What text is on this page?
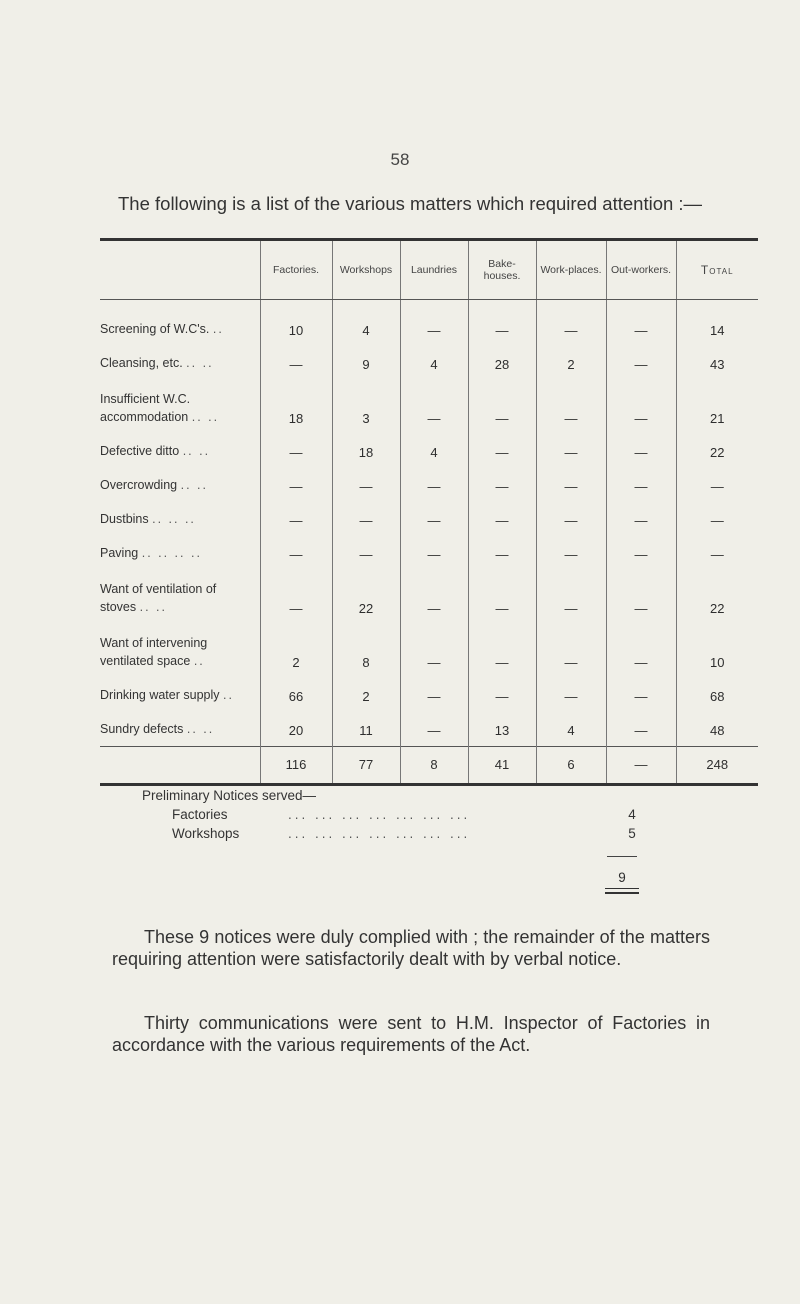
58
The following is a list of the various matters which required attention :—
	Factories.	Workshops	Laundries	Bake-houses.	Work-places.	Out-workers.	Total
Screening of W.C's. ..	10	4	—	—	—	—	14
Cleansing, etc. .. ..	—	9	4	28	2	—	43
Insufficient W.C. accommodation .. ..	18	3	—	—	—	—	21
Defective ditto .. ..	—	18	4	—	—	—	22
Overcrowding .. ..	—	—	—	—	—	—	—
Dustbins .. .. ..	—	—	—	—	—	—	—
Paving .. .. .. ..	—	—	—	—	—	—	—
Want of ventilation of stoves .. ..	—	22	—	—	—	—	22
Want of intervening ventilated space ..	2	8	—	—	—	—	10
Drinking water supply ..	66	2	—	—	—	—	68
Sundry defects .. ..	20	11	—	13	4	—	48
	116	77	8	41	6	—	248
Preliminary Notices served—
Factories	... ... ... ... ... ... ...	4
Workshops	... ... ... ... ... ... ...	5
9
These 9 notices were duly complied with ; the remainder of the matters requiring attention were satisfactorily dealt with by verbal notice.
Thirty communications were sent to H.M. Inspector of Factories in accordance with the various requirements of the Act.
